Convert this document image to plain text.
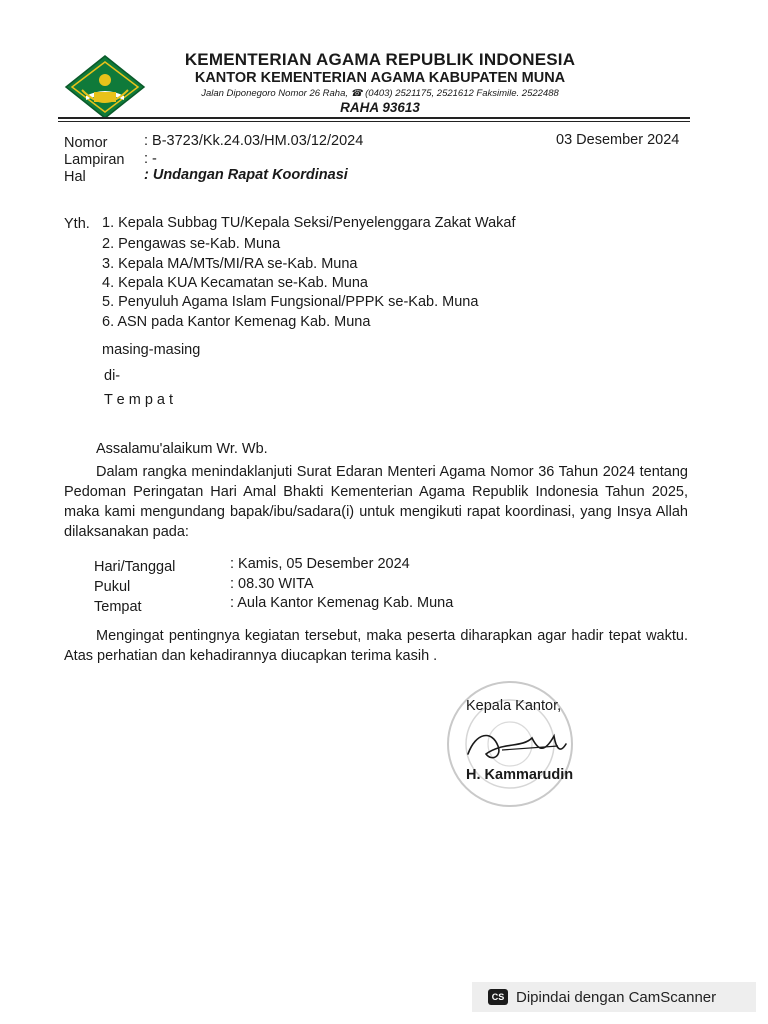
KEMENTERIAN AGAMA REPUBLIK INDONESIA
KANTOR KEMENTERIAN AGAMA KABUPATEN MUNA
Jalan Diponegoro Nomor 26 Raha, ☎ (0403) 2521175, 2521612 Faksimile. 2522488
RAHA 93613
Nomor	: B-3723/Kk.24.03/HM.03/12/2024	03 Desember 2024
Lampiran : -
Hal	: Undangan Rapat Koordinasi
Yth. 1. Kepala Subbag TU/Kepala Seksi/Penyelenggara Zakat Wakaf
2. Pengawas se-Kab. Muna
3. Kepala MA/MTs/MI/RA se-Kab. Muna
4. Kepala KUA Kecamatan se-Kab. Muna
5. Penyuluh Agama Islam Fungsional/PPPK se-Kab. Muna
6. ASN pada Kantor Kemenag Kab. Muna
masing-masing
di-
T e m p a t
Assalamu'alaikum Wr. Wb.
Dalam rangka menindaklanjuti Surat Edaran Menteri Agama Nomor 36 Tahun 2024 tentang Pedoman Peringatan Hari Amal Bhakti Kementerian Agama Republik Indonesia Tahun 2025, maka kami mengundang bapak/ibu/sadara(i) untuk mengikuti rapat koordinasi, yang Insya Allah dilaksanakan pada:
Hari/Tanggal	: Kamis, 05 Desember 2024
Pukul	: 08.30 WITA
Tempat	: Aula Kantor Kemenag Kab. Muna
Mengingat pentingnya kegiatan tersebut, maka peserta diharapkan agar hadir tepat waktu. Atas perhatian dan kehadirannya diucapkan terima kasih .
Kepala Kantor,
H. Kammarudin
CS Dipindai dengan CamScanner
